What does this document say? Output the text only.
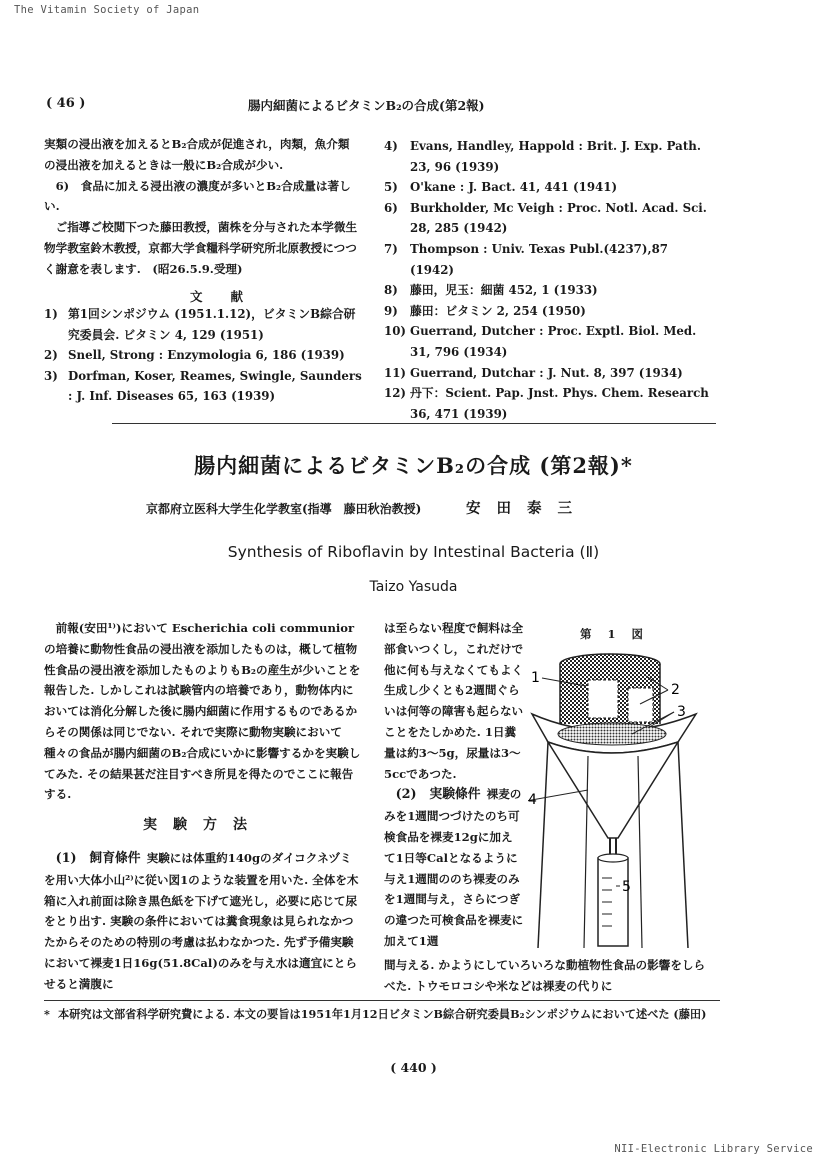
The Vitamin Society of Japan
( 46 )	腸内細菌によるビタミンB₂の合成(第2報)

実類の浸出液を加えるとB₂合成が促進され，肉類，魚介類の浸出液を加えるときは一般にB₂合成が少い.

6)　食品に加える浸出液の濃度が多いとB₂合成量は著しい.

ご指導ご校閲下つた藤田教授，菌株を分与された本学微生物学教室鈴木教授，京都大学食糧科学研究所北原教授につつく謝意を表します.　(昭26.5.9.受理)

文献
1) 第1回シンポジウム (1951.1.12)，ビタミンB綜合研究委員会. ビタミン 4, 129 (1951)
2) Snell, Strong : Enzymologia 6, 186 (1939)
3) Dorfman, Koser, Reames, Swingle, Saunders : J. Inf. Diseases 65, 163 (1939)
4) Evans, Handley, Happold : Brit. J. Exp. Path. 23, 96 (1939)
5) O'kane : J. Bact. 41, 441 (1941)
6) Burkholder, Mc Veigh : Proc. Notl. Acad. Sci. 28, 285 (1942)
7) Thompson : Univ. Texas Publ.(4237),87 (1942)
8) 藤田，児玉：細菌 452, 1 (1933)
9) 藤田：ビタミン 2, 254 (1950)
10) Guerrand, Dutcher : Proc. Exptl. Biol. Med. 31, 796 (1934)
11) Guerrand, Dutchar : J. Nut. 8, 397 (1934)
12) 丹下：Scient. Pap. Jnst. Phys. Chem. Research 36, 471 (1939)
腸内細菌によるビタミンB₂の合成 (第2報)*
京都府立医科大学生化学教室(指導　藤田秋治教授)	安田泰三
Synthesis of Riboflavin by Intestinal Bacteria (Ⅱ)
Taizo Yasuda

前報(安田¹⁾)において Escherichia coli communior の培養に動物性食品の浸出液を添加したものは，概して植物性食品の浸出液を添加したものよりもB₂の産生が少いことを報告した. しかしこれは試験管内の培養であり，動物体内においては消化分解した後に腸内細菌に作用するものであるからその関係は同じでない. それで実際に動物実験において種々の食品が腸内細菌のB₂合成にいかに影響するかを実験してみた. その結果甚だ注目すべき所見を得たのでここに報告する.

実験方法

(1)　飼育條件 実験には体重約140gのダイコクネヅミを用い大体小山²⁾に従い図1のような装置を用いた. 全体を木箱に入れ前面は除き黒色紙を下げて遮光し，必要に応じて尿をとり出す. 実験の条件においては糞食現象は見られなかつたからそのための特別の考慮は払わなかつた. 先ず予備実験において裸麦1日16g(51.8Cal)のみを与え水は適宜にとらせると満腹に

は至らない程度で飼料は全部食いつくし，これだけで他に何も与えなくてもよく生成し少くとも2週間ぐらいは何等の障害も起らないことをたしかめた. 1日糞量は約3～5g，尿量は3～5ccであつた.

(2)　実験條件 裸麦のみを1週間つづけたのち可検食品を裸麦12gに加えて1日等Calとなるように与え1週間ののち裸麦のみを1週間与え，さらにつぎの違つた可検食品を裸麦に加えて1週

間与える. かようにしていろいろな動植物性食品の影響をしらべた. トウモロコシや米などは裸麦の代りに
第 1 図
1
2
3
4
5
* 本研究は文部省科学研究費による. 本文の要旨は1951年1月12日ビタミンB綜合研究委員B₂シンポジウムにおいて述べた (藤田)
( 440 )
NII-Electronic Library Service
